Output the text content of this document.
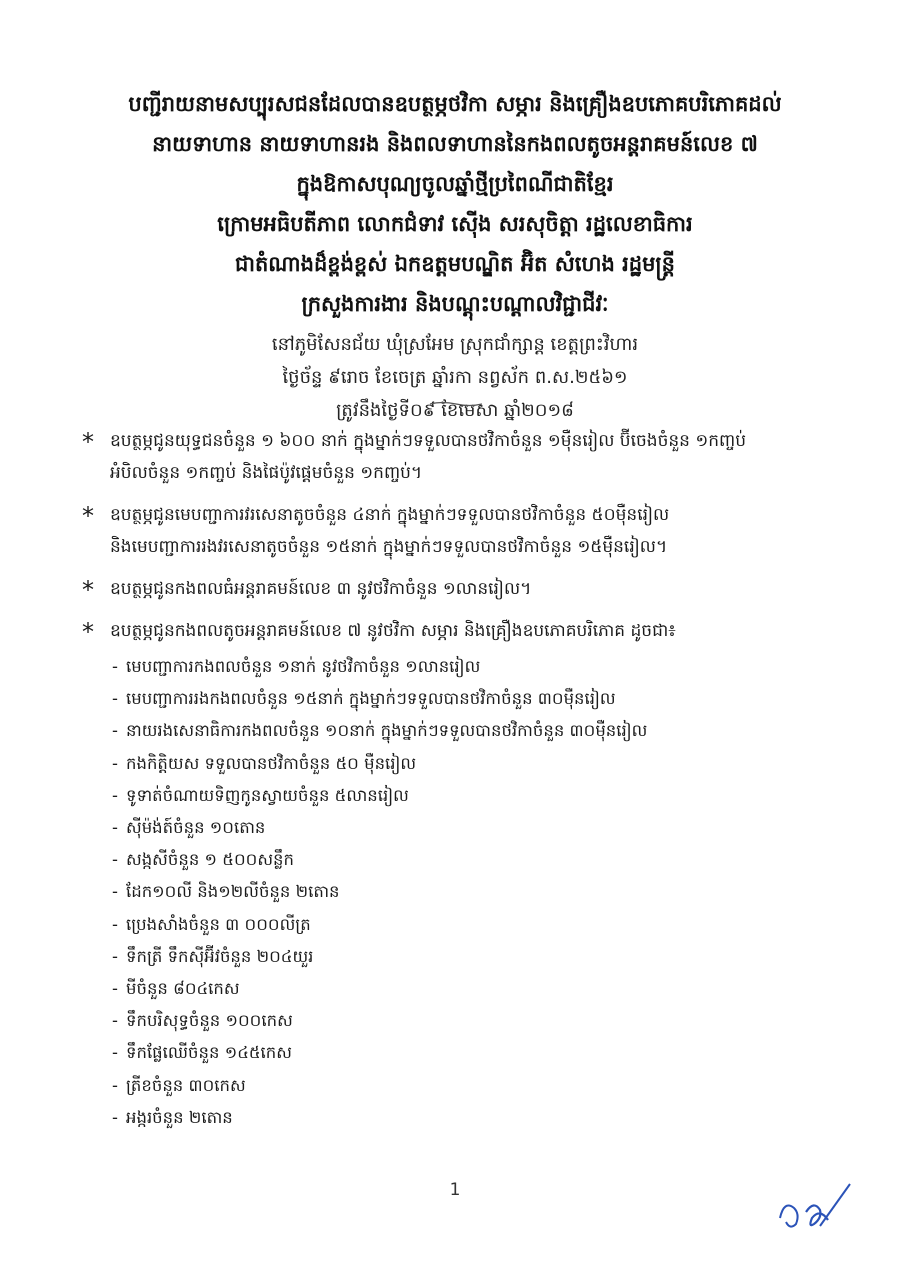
បញ្ជីរាយនាមសប្បុរសជនដែលបានឧបត្ថម្ភថវិកា សម្ភារ និងគ្រឿងឧបភោគបរិភោគដល់
នាយទាហាន នាយទាហានរង និងពលទាហាននៃកងពលតូចអន្តរាគមន៍លេខ ៧
ក្នុងឱកាសបុណ្យចូលឆ្នាំថ្មីប្រពៃណីជាតិខ្មែរ
ក្រោមអធិបតីភាព លោកជំទាវ ស៊ើង សរសុចិត្តា រដ្ឋលេខាធិការ
ជាតំណាងដ៏ខ្ពង់ខ្ពស់ ឯកឧត្តមបណ្ឌិត អ៊ិត សំហេង រដ្ឋមន្ត្រី
ក្រសួងការងារ និងបណ្តុះបណ្តាលវិជ្ជាជីវៈ
នៅភូមិសែនជ័យ ឃុំស្រអែម ស្រុកជាំក្សាន្ត ខេត្តព្រះវិហារ
ថ្ងៃច័ន្ទ ៩រោច ខែចេត្រ ឆ្នាំរកា នព្វស័ក ព.ស.២៥៦១
ត្រូវនឹងថ្ងៃទី០៩ ខែមេសា ឆ្នាំ២០១៨
* ឧបត្ថម្ភជូនយុទ្ធជនចំនួន ១ ៦០០ នាក់ ក្នុងម្នាក់ៗទទួលបានថវិកាចំនួន ១ម៉ឺនរៀល ប៊ីចេងចំនួន ១កញ្ចប់
អំបិលចំនួន ១កញ្ចប់ និងផៃប៉ូវផ្ដេមចំនួន ១កញ្ចប់។
* ឧបត្ថម្ភជូនមេបញ្ជាការវរសេនាតូចចំនួន ៤នាក់ ក្នុងម្នាក់ៗទទួលបានថវិកាចំនួន ៥០ម៉ឺនរៀល
និងមេបញ្ជាការរងវរសេនាតូចចំនួន ១៥នាក់ ក្នុងម្នាក់ៗទទួលបានថវិកាចំនួន ១៥ម៉ឺនរៀល។
* ឧបត្ថម្ភជូនកងពលធំអន្តរាគមន៍លេខ ៣ នូវថវិកាចំនួន ១លានរៀល។
* ឧបត្ថម្ភជូនកងពលតូចអន្តរាគមន៍លេខ ៧ នូវថវិកា សម្ភារ និងគ្រឿងឧបភោគបរិភោគ ដូចជា៖
- មេបញ្ជាការកងពលចំនួន ១នាក់ នូវថវិកាចំនួន ១លានរៀល
- មេបញ្ជាការរងកងពលចំនួន ១៥នាក់ ក្នុងម្នាក់ៗទទួលបានថវិកាចំនួន ៣០ម៉ឺនរៀល
- នាយរងសេនាធិការកងពលចំនួន ១០នាក់ ក្នុងម្នាក់ៗទទួលបានថវិកាចំនួន ៣០ម៉ឺនរៀល
- កងកិត្តិយស ទទួលបានថវិកាចំនួន ៥០ ម៉ឺនរៀល
- ទូទាត់ចំណាយទិញកូនស្វាយចំនួន ៥លានរៀល
- ស៊ីម៉ង់ត៍ចំនួន ១០តោន
- សង្កសីចំនួន ១ ៥០០សន្លឹក
- ដែក១០លី និង១២លីចំនួន ២តោន
- ប្រេងសាំងចំនួន ៣ ០០០លីត្រ
- ទឹកត្រី ទឹកស៊ីអ៊ីវចំនួន ២០៤យួរ
- មីចំនួន ៨០៤កេស
- ទឹកបរិសុទ្ធចំនួន ១០០កេស
- ទឹកផ្លែឈើចំនួន ១៤៥កេស
- ត្រីខចំនួន ៣០កេស
- អង្ករចំនួន ២តោន
1
